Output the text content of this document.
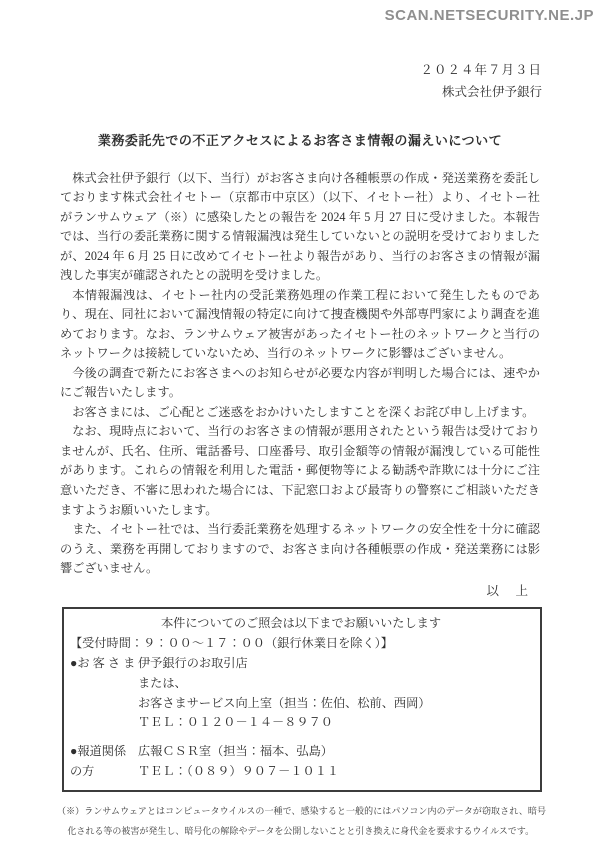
SCAN.NETSECURITY.NE.JP
２０２４年７月３日
株式会社伊予銀行
業務委託先での不正アクセスによるお客さま情報の漏えいについて

株式会社伊予銀行（以下、当行）がお客さま向け各種帳票の作成・発送業務を委託しております株式会社イセトー（京都市中京区）（以下、イセトー社）より、イセトー社がランサムウェア（※）に感染したとの報告を 2024 年 5 月 27 日に受けました。本報告では、当行の委託業務に関する情報漏洩は発生していないとの説明を受けておりましたが、2024 年 6 月 25 日に改めてイセトー社より報告があり、当行のお客さまの情報が漏洩した事実が確認されたとの説明を受けました。

本情報漏洩は、イセトー社内の受託業務処理の作業工程において発生したものであり、現在、同社において漏洩情報の特定に向けて捜査機関や外部専門家により調査を進めております。なお、ランサムウェア被害があったイセトー社のネットワークと当行のネットワークは接続していないため、当行のネットワークに影響はございません。

今後の調査で新たにお客さまへのお知らせが必要な内容が判明した場合には、速やかにご報告いたします。

お客さまには、ご心配とご迷惑をおかけいたしますことを深くお詫び申し上げます。

なお、現時点において、当行のお客さまの情報が悪用されたという報告は受けておりませんが、氏名、住所、電話番号、口座番号、取引金額等の情報が漏洩している可能性があります。これらの情報を利用した電話・郵便物等による勧誘や詐欺には十分にご注意いただき、不審に思われた場合には、下記窓口および最寄りの警察にご相談いただきますようお願いいたします。

また、イセトー社では、当行委託業務を処理するネットワークの安全性を十分に確認のうえ、業務を再開しておりますので、お客さま向け各種帳票の作成・発送業務には影響ございません。

以　上
本件についてのご照会は以下までお願いいたします
【受付時間：９：００～１７：００（銀行休業日を除く）】
●お 客 さ ま 伊予銀行のお取引店
または、
お客さまサービス向上室（担当：佐伯、松前、西岡）
ＴＥＬ：０１２０－１４－８９７０
●報道関係の方
広報ＣＳＲ室（担当：福本、弘島）
ＴＥＬ：（０８９）９０７－１０１１
（※）ランサムウェアとはコンピュータウイルスの一種で、感染すると一般的にはパソコン内のデータが窃取され、暗号化される等の被害が発生し、暗号化の解除やデータを公開しないことと引き換えに身代金を要求するウイルスです。
